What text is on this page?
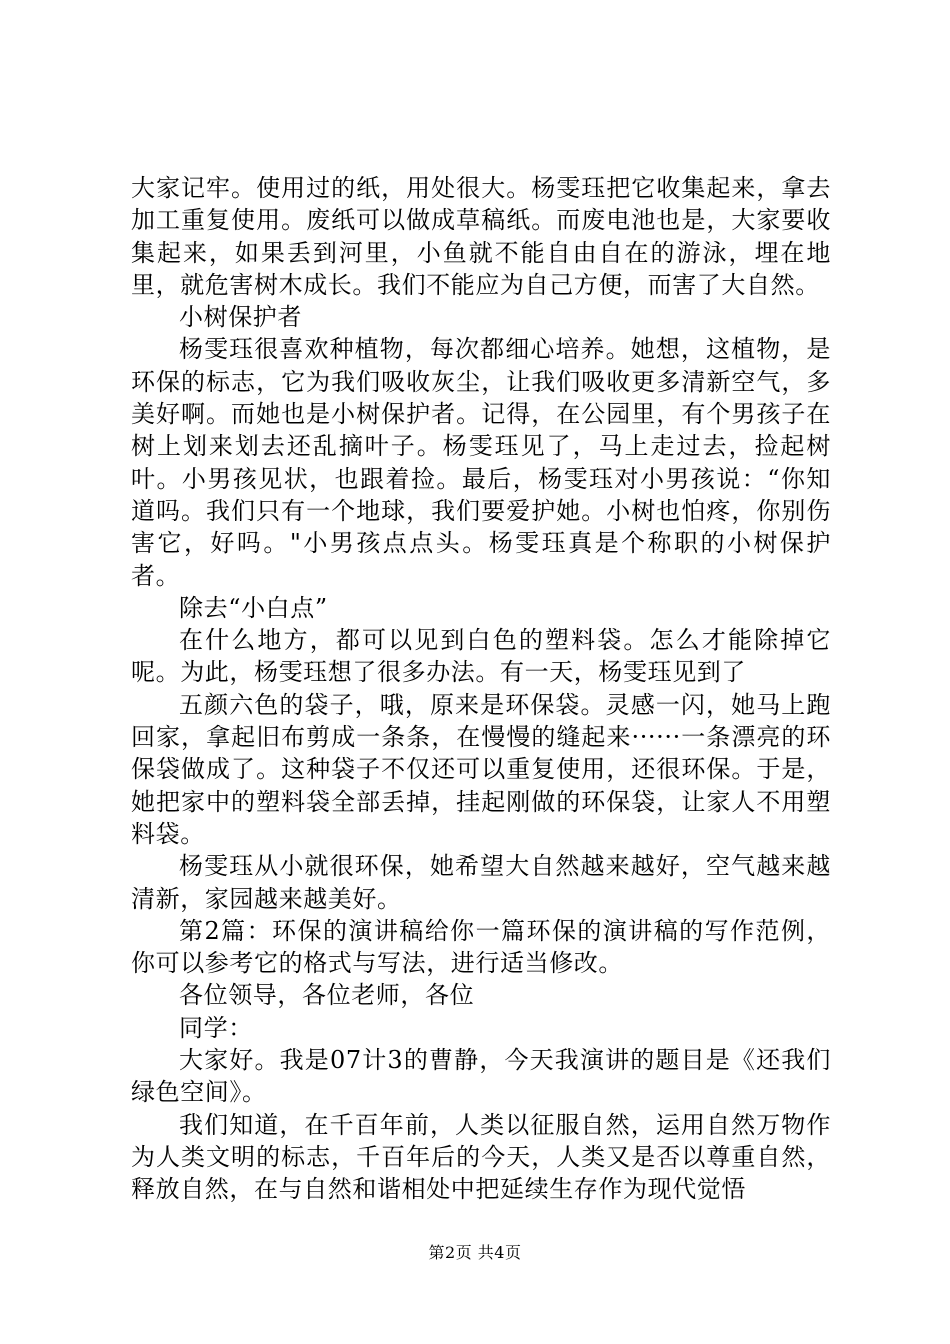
大家记牢。使用过的纸，用处很大。杨雯珏把它收集起来，拿去加工重复使用。废纸可以做成草稿纸。而废电池也是，大家要收集起来，如果丢到河里，小鱼就不能自由自在的游泳，埋在地里，就危害树木成长。我们不能应为自己方便，而害了大自然。

小树保护者

杨雯珏很喜欢种植物，每次都细心培养。她想，这植物，是环保的标志，它为我们吸收灰尘，让我们吸收更多清新空气，多美好啊。而她也是小树保护者。记得，在公园里，有个男孩子在树上划来划去还乱摘叶子。杨雯珏见了，马上走过去，捡起树叶。小男孩见状，也跟着捡。最后，杨雯珏对小男孩说：“你知道吗。我们只有一个地球，我们要爱护她。小树也怕疼，你别伤害它，好吗。"小男孩点点头。杨雯珏真是个称职的小树保护者。

除去“小白点”

在什么地方，都可以见到白色的塑料袋。怎么才能除掉它呢。为此，杨雯珏想了很多办法。有一天，杨雯珏见到了

五颜六色的袋子，哦，原来是环保袋。灵感一闪，她马上跑回家，拿起旧布剪成一条条，在慢慢的缝起来······一条漂亮的环保袋做成了。这种袋子不仅还可以重复使用，还很环保。于是，她把家中的塑料袋全部丢掉，挂起刚做的环保袋，让家人不用塑料袋。

杨雯珏从小就很环保，她希望大自然越来越好，空气越来越清新，家园越来越美好。

第2篇：环保的演讲稿给你一篇环保的演讲稿的写作范例，你可以参考它的格式与写法，进行适当修改。

各位领导，各位老师，各位

同学：

大家好。我是07计3的曹静，今天我演讲的题目是《还我们绿色空间》。

我们知道，在千百年前，人类以征服自然，运用自然万物作为人类文明的标志，千百年后的今天，人类又是否以尊重自然，释放自然，在与自然和谐相处中把延续生存作为现代觉悟

第2页 共4页
